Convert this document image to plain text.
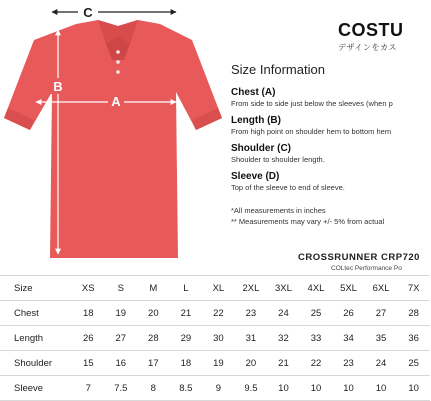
C
B
A
COSTU
デザインをカス
Size Information
Chest (A)
From side to side just below the sleeves (when p
Length (B)
From high point on shoulder hem to bottom hem
Shoulder (C)
Shoulder to shoulder length.
Sleeve (D)
Top of the sleeve to end of sleeve.
*All measurements in inches
** Measurements may vary +/- 5% from actual
CROSSRUNNER CRP720
COLtec Performance Po
Size	XS	S	M	L	XL	2XL	3XL	4XL	5XL	6XL	7X
Chest	18	19	20	21	22	23	24	25	26	27	28
Length	26	27	28	29	30	31	32	33	34	35	36
Shoulder	15	16	17	18	19	20	21	22	23	24	25
Sleeve	7	7.5	8	8.5	9	9.5	10	10	10	10	10
